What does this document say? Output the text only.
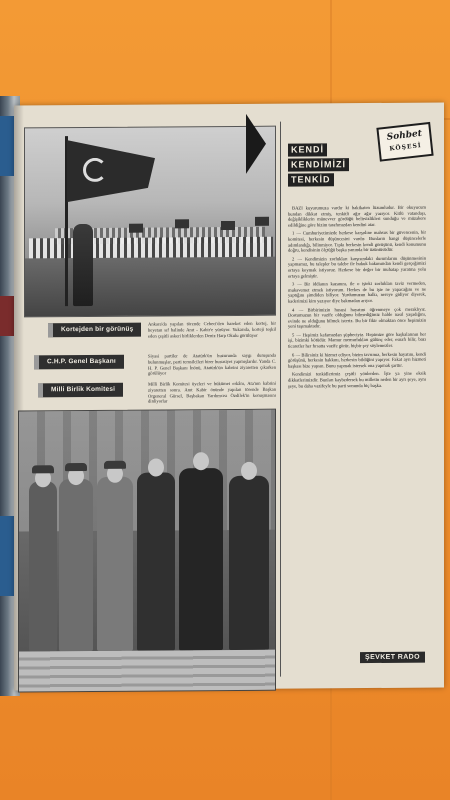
Kortejden bir görünüş
Ankara'da yapılan törende Cebeci'den hareket eden kortej, bir heyetan sıf halinde Anıt - Kabir'e yürüyor. Yukarıda, korteji teşkil eden çeşitli askeri birliklerden Deniz Harp Okulu görülüyor
C.H.P. Genel Başkanı
Siyasi partiler de Atatürk'ün huzurunda saygı duruşunda bulunmuşlar, parti temsilcileri birer hususiyet yapmışlardır. Yanda C. H. P. Genel Başkanı İnönü, Atatürk'ün kabrini ziyaretten çıkarken görülüyor
Milli Birlik Komitesi
Milli Birlik Komitesi üyeleri ve hükümet erkânı, Ata'nın kabrini ziyaretten sonra. Anıt Kabir önünde yapılan törende Başkan Orgeneral Gürsel, Başbakan Yardımcısı Özdilek'in konuşmasını dinliyorlar
KENDİ
KENDİMİZİ
TENKİD
Sohbet
KÖŞESİ

BAZI kuyurumuza vardır ki hakikaten lüzumludur. Bir okuyucum bundan dikkat etmiş, tenkitli ağır ağır yazıyor. Kitlü vatandaşı, değişikliklerin münevver gördüğü belirsizlikleri sunduğu ve müzakere edildiğine göre bizim tarafımızdan kendini atar.

1 — Cumhuriyetimizde herkese karşıdıne mahsus bir güvencenin, bir komitesi, herkesin düşüncesini vardır. Bunların hangi düşüncelerle adımlandığı, bilinmiyor. Tıpkı herkesin kendi görüşünü, kendi konumunu doğru, kendisinin ölçtüğü başka yanında bir üzüntüsüdür.

2 — Kendimizin zorlukları karşısındaki durumlarını düşünmesinin yapmamız, bu talepler bu talebe ile hukuk bakımından kendi gerçeğimizi ortaya koymak istiyoruz. Herkese bir değer bir muhatap yaratma yolu ortaya gelmiştir.

3 — Bir iddianın kazanını, ile o işteki zorlukları taviz vermeden, mukavemet etmek istiyorum. Herkes de bu işte ne yapacağını ve ne yaptığını şimdiden biliyor. Yurdumuzun halkı, nereye gidiyor diyerek, kaderimizi kim yazıyor diye bakmadan arıyor.

4 — Birbirimizin hususi hayatını öğrenmeye çok meraklıyız. Dostumuzun bir vazife olduğunu bilmediğimiz halde nasıl yaşadığını, evinde ne olduğunu bilmek isteriz. Bu bir fikir olmaktan önce hepimizin yeni taşımaktadır.

5 — Hepimiz kafamızdan şüpheciyiz. Hepimize göre başkalarının her işi, bizimki kötüdür. Mamur memurlukları gülünç eder, esnafı bilir, bazı ticaretler her fırsatta vazife görür, hiçbir şey söylemezler.

6 — Bilirsiniz ki hizmet ediyor, bizim tavrımız, herkesin hayatını, kendi görüşünü, herkesin hakkını, herkesin bildiğini yapıyor. Fakat ayrı hizmeti başkası bize yapsın. Bunu yapmak istersek ona yapmak şarttır.

Kendimizi tenkidlerimiz çeşitli yönlerden. İşte ya yine eksik dikkatlerimizdir. Bunları kaybedersek bu milletin neden bir ayrı şeye, aynı şeye, bu daha vazifeyle bu parti sonunda hiç başka.

ŞEVKET RADO
